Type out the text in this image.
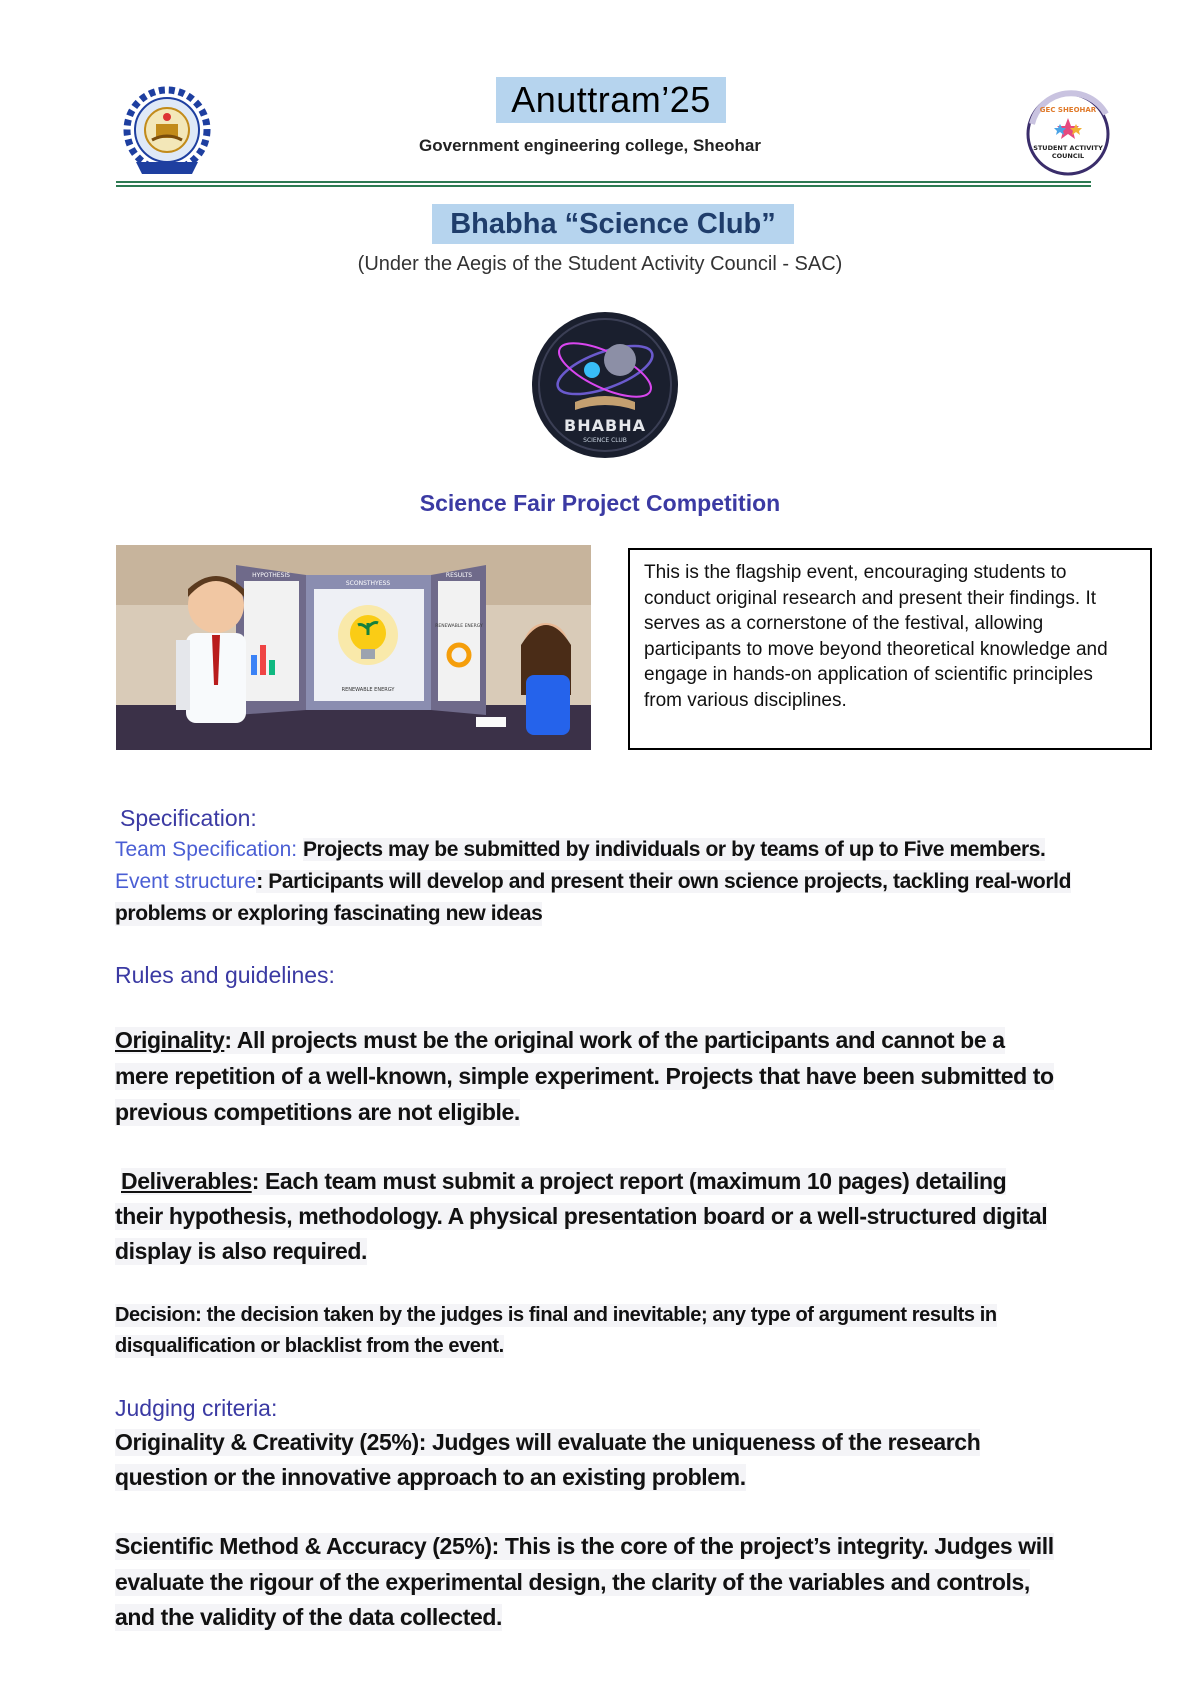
Anuttram’25
Government engineering college, Sheohar
GEC SHEOHAR
STUDENT ACTIVITY
COUNCIL
Bhabha “Science Club”
(Under the Aegis of the Student Activity Council - SAC)
BHABHA
SCIENCE CLUB
Science Fair Project Competition
HYPOTHESIS
SCONSTHYESS
RESULTS
RENEWABLE ENERGY
RENEWABLE ENERGY
This is the flagship event, encouraging students to conduct original research and present their findings. It serves as a cornerstone of the festival, allowing participants to move beyond theoretical knowledge and engage in hands-on application of scientific principles from various disciplines.
Specification:
Team Specification: Projects may be submitted by individuals or by teams of up to Five members.
Event structure: Participants will develop and present their own science projects, tackling real-world
problems or exploring fascinating new ideas
Rules and guidelines:
Originality: All projects must be the original work of the participants and cannot be a
mere repetition of a well-known, simple experiment. Projects that have been submitted to
previous competitions are not eligible.
Deliverables: Each team must submit a project report (maximum 10 pages) detailing
their hypothesis, methodology. A physical presentation board or a well-structured digital
display is also required.
Decision: the decision taken by the judges is final and inevitable; any type of argument results in
disqualification or blacklist from the event.
Judging criteria:
Originality & Creativity (25%): Judges will evaluate the uniqueness of the research
question or the innovative approach to an existing problem.
Scientific Method & Accuracy (25%): This is the core of the project’s integrity. Judges will
evaluate the rigour of the experimental design, the clarity of the variables and controls,
and the validity of the data collected.
